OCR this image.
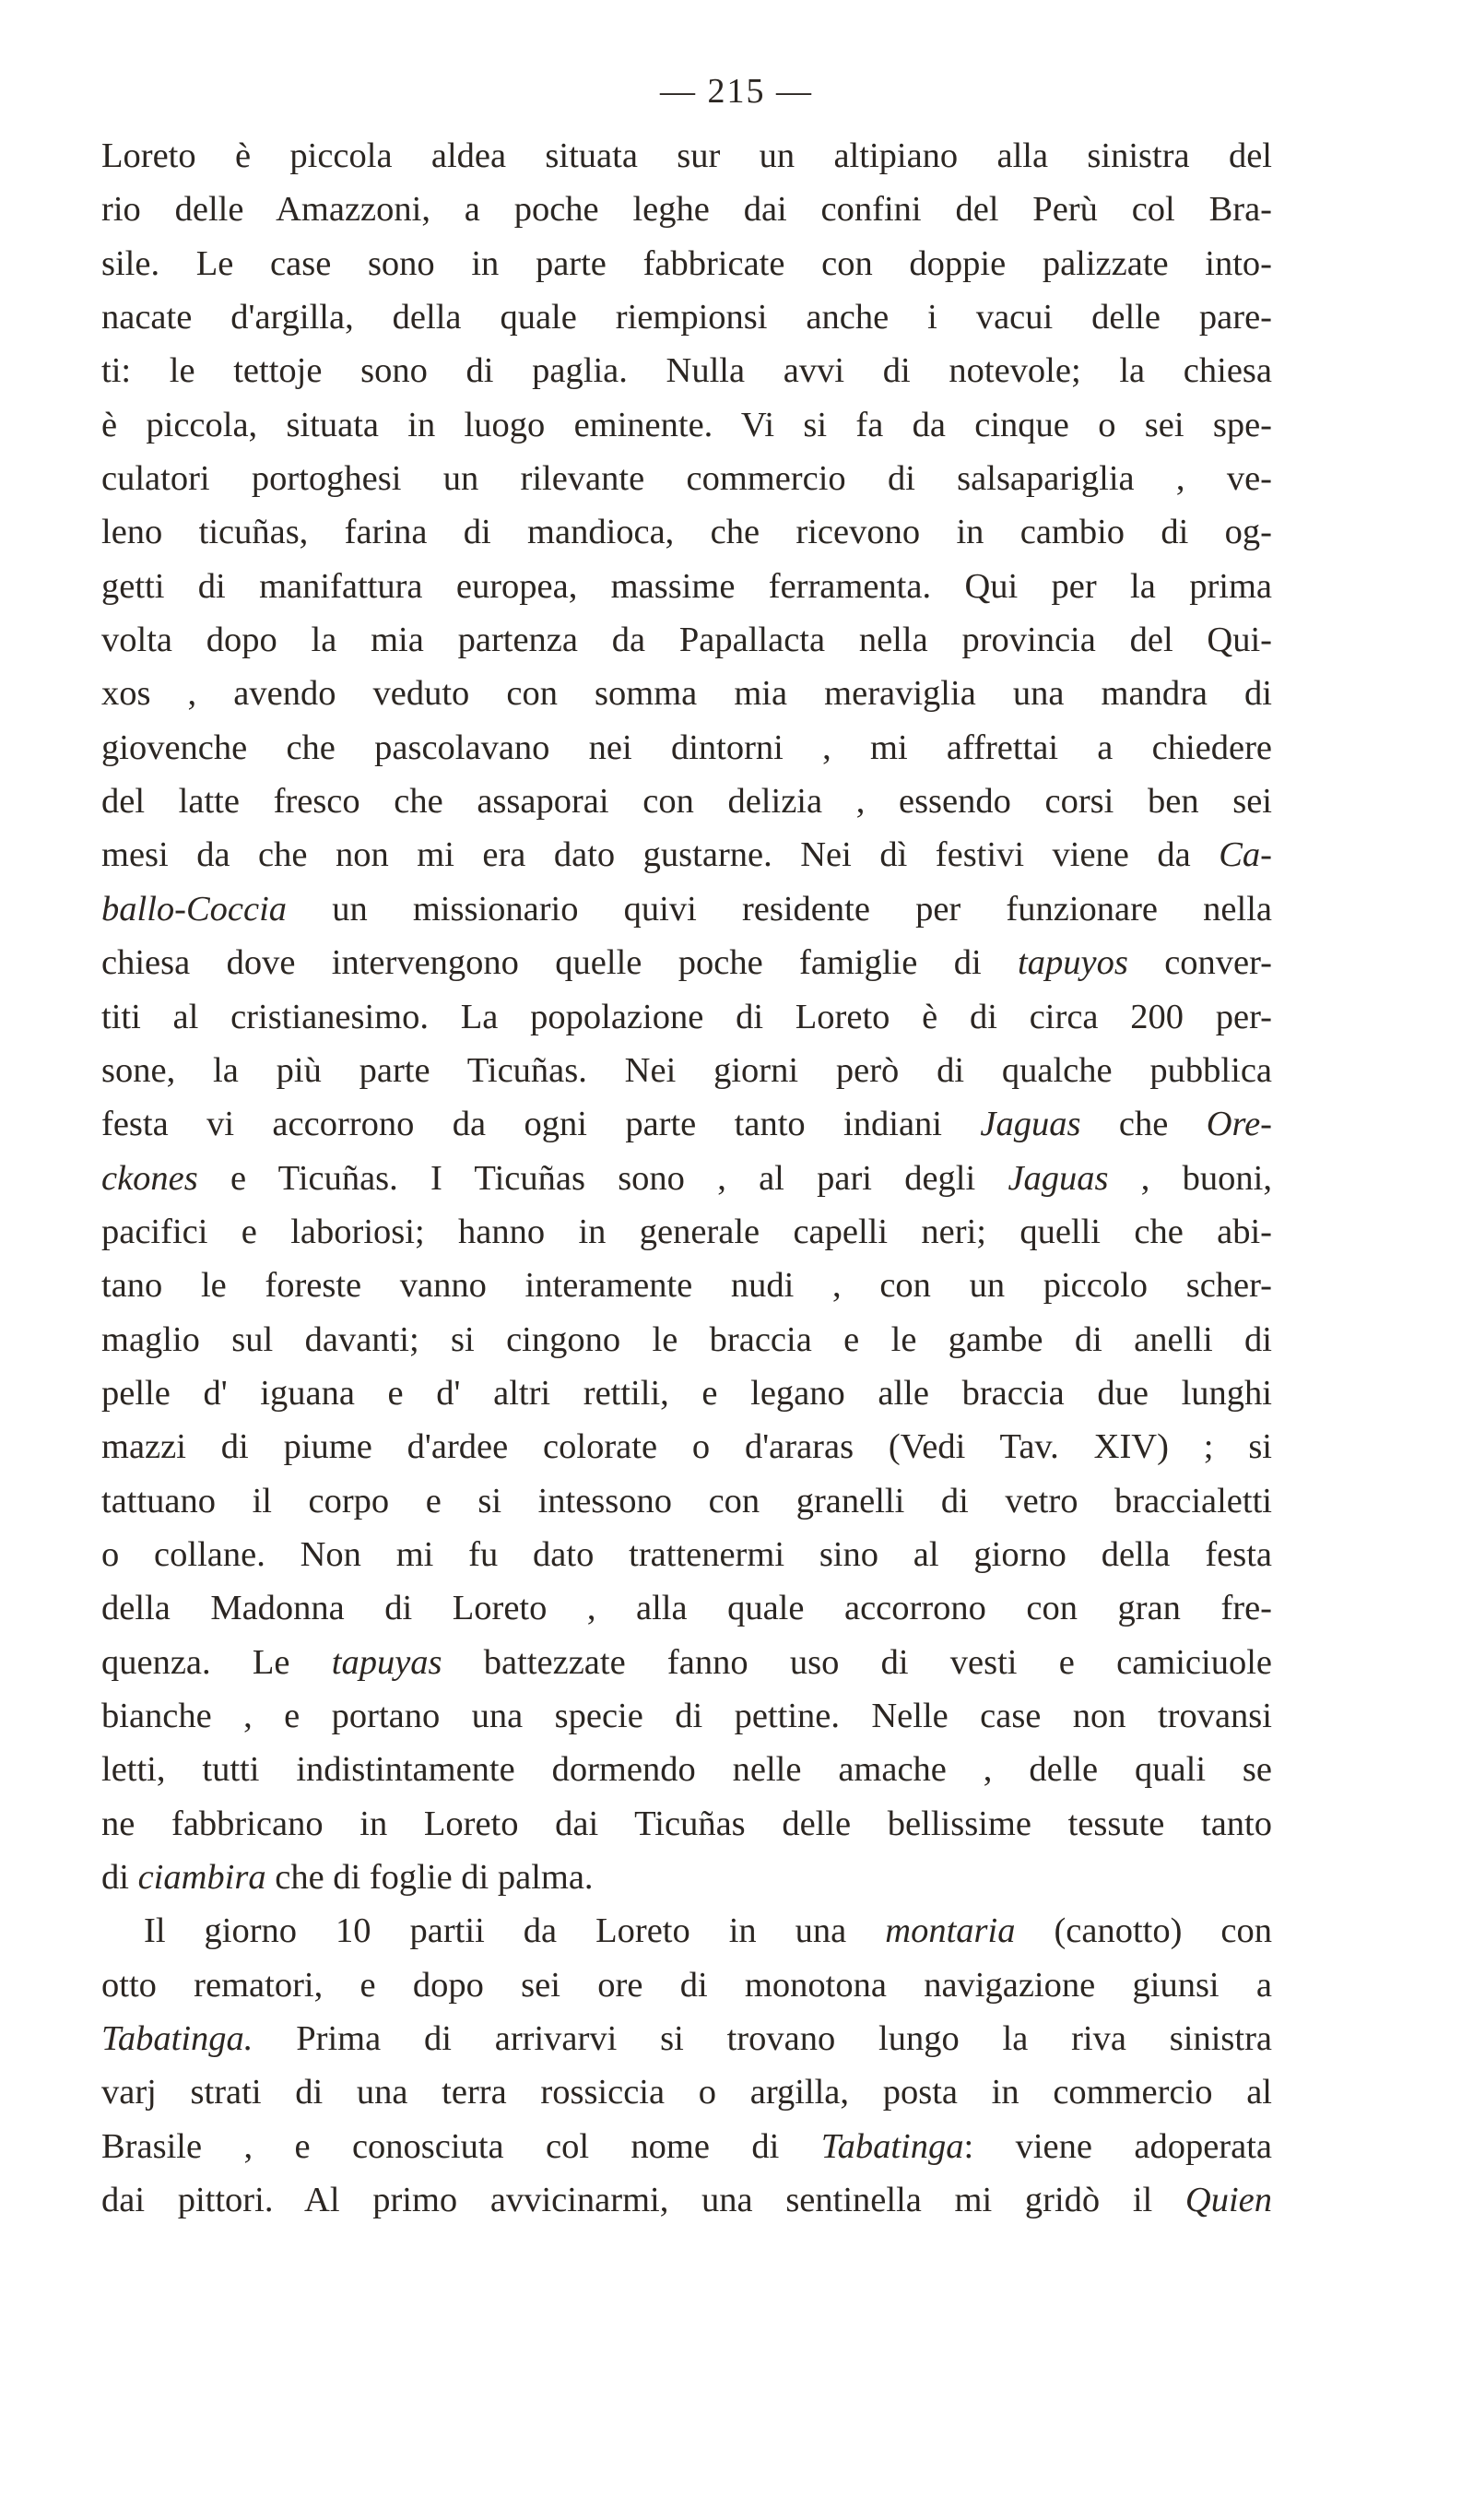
— 215 —
Loreto è piccola aldea situata sur un altipiano alla sinistra del
rio delle Amazzoni, a poche leghe dai confini del Perù col Bra-
sile. Le case sono in parte fabbricate con doppie palizzate into-
nacate d'argilla, della quale riempionsi anche i vacui delle pare-
ti: le tettoje sono di paglia. Nulla avvi di notevole; la chiesa
è piccola, situata in luogo eminente. Vi si fa da cinque o sei spe-
culatori portoghesi un rilevante commercio di salsapariglia , ve-
leno ticuñas, farina di mandioca, che ricevono in cambio di og-
getti di manifattura europea, massime ferramenta. Qui per la prima
volta dopo la mia partenza da Papallacta nella provincia del Qui-
xos , avendo veduto con somma mia meraviglia una mandra di
giovenche che pascolavano nei dintorni , mi affrettai a chiedere
del latte fresco che assaporai con delizia , essendo corsi ben sei
mesi da che non mi era dato gustarne. Nei dì festivi viene da Ca-
ballo-Coccia un missionario quivi residente per funzionare nella
chiesa dove intervengono quelle poche famiglie di tapuyos conver-
titi al cristianesimo. La popolazione di Loreto è di circa 200 per-
sone, la più parte Ticuñas. Nei giorni però di qualche pubblica
festa vi accorrono da ogni parte tanto indiani Jaguas che Ore-
ckones e Ticuñas. I Ticuñas sono , al pari degli Jaguas , buoni,
pacifici e laboriosi; hanno in generale capelli neri; quelli che abi-
tano le foreste vanno interamente nudi , con un piccolo scher-
maglio sul davanti; si cingono le braccia e le gambe di anelli di
pelle d' iguana e d' altri rettili, e legano alle braccia due lunghi
mazzi di piume d'ardee colorate o d'araras (Vedi Tav. XIV) ; si
tattuano il corpo e si intessono con granelli di vetro braccialetti
o collane. Non mi fu dato trattenermi sino al giorno della festa
della Madonna di Loreto , alla quale accorrono con gran fre-
quenza. Le tapuyas battezzate fanno uso di vesti e camiciuole
bianche , e portano una specie di pettine. Nelle case non trovansi
letti, tutti indistintamente dormendo nelle amache , delle quali se
ne fabbricano in Loreto dai Ticuñas delle bellissime tessute tanto
di ciambira che di foglie di palma.
Il giorno 10 partii da Loreto in una montaria (canotto) con
otto rematori, e dopo sei ore di monotona navigazione giunsi a
Tabatinga. Prima di arrivarvi si trovano lungo la riva sinistra
varj strati di una terra rossiccia o argilla, posta in commercio al
Brasile , e conosciuta col nome di Tabatinga: viene adoperata
dai pittori. Al primo avvicinarmi, una sentinella mi gridò il Quien
